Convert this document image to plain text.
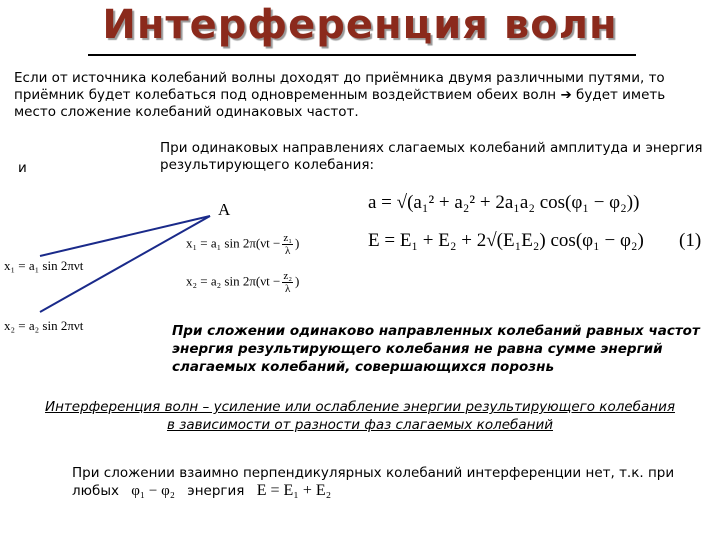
Интерференция волн
Если от источника колебаний волны доходят до приёмника двумя различными путями, то приёмник будет колебаться под одновременным воздействием обеих волн ➔ будет иметь место сложение колебаний одинаковых частот.
и
При одинаковых направлениях слагаемых колебаний амплитуда и энергия результирующего колебания:
A
x₁ = a₁ sin 2πνt
x₂ = a₂ sin 2πνt
x₁ = a₁ $\sin 2\pi(\nu t - \frac{\text{z₁}}{\lambda}$ )
x₂ = a₂ $\sin 2\pi(\nu t - \frac{\text{z₂}}{\lambda}$ )
a = √(a₁² + a₂² + 2a₁a₂ cos(φ₁ − φ₂))
E = E₁ + E₂ + 2√(E₁E₂) cos(φ₁ − φ₂) (1)
При сложении одинаково направленных колебаний равных частот энергия результирующего колебания не равна сумме энергий слагаемых колебаний, совершающихся порознь
Интерференция волн – усиление или ослабление энергии результирующего колебания в зависимости от разности фаз слагаемых колебаний
При сложении взаимно перпендикулярных колебаний интерференции нет, т.к. при любых φ₁ − φ₂ энергия E = E₁ + E₂
